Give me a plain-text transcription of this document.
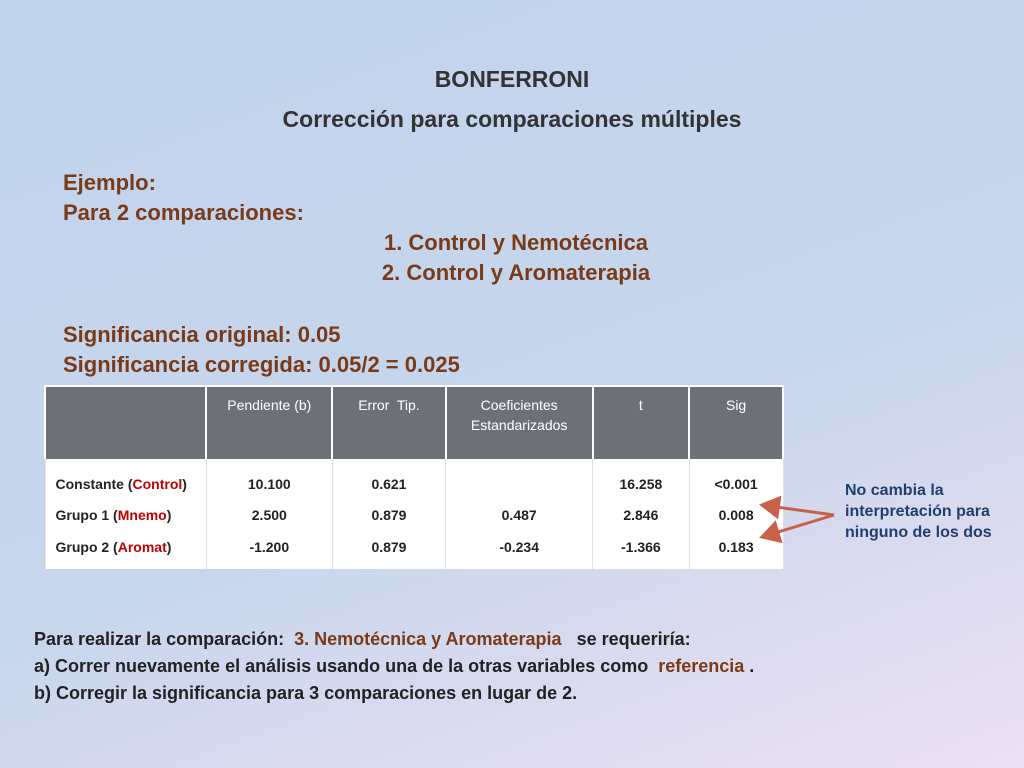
BONFERRONI
Corrección para comparaciones múltiples
Ejemplo:
Para 2 comparaciones:
1. Control y Nemotécnica
2. Control y Aromaterapia
Significancia original: 0.05
Significancia corregida: 0.05/2 = 0.025
	Pendiente (b)	Error  Tip.	Coeficientes Estandarizados	t	Sig
Constante (Control)	10.100	0.621		16.258	<0.001
Grupo 1 (Mnemo)	2.500	0.879	0.487	2.846	0.008
Grupo 2 (Aromat)	-1.200	0.879	-0.234	-1.366	0.183
No cambia la interpretación para ninguno de los dos
Para realizar la comparación:  3. Nemotécnica y Aromaterapia   se requeriría:
a) Correr nuevamente el análisis usando una de la otras variables como  referencia .
b) Corregir la significancia para 3 comparaciones en lugar de 2.
